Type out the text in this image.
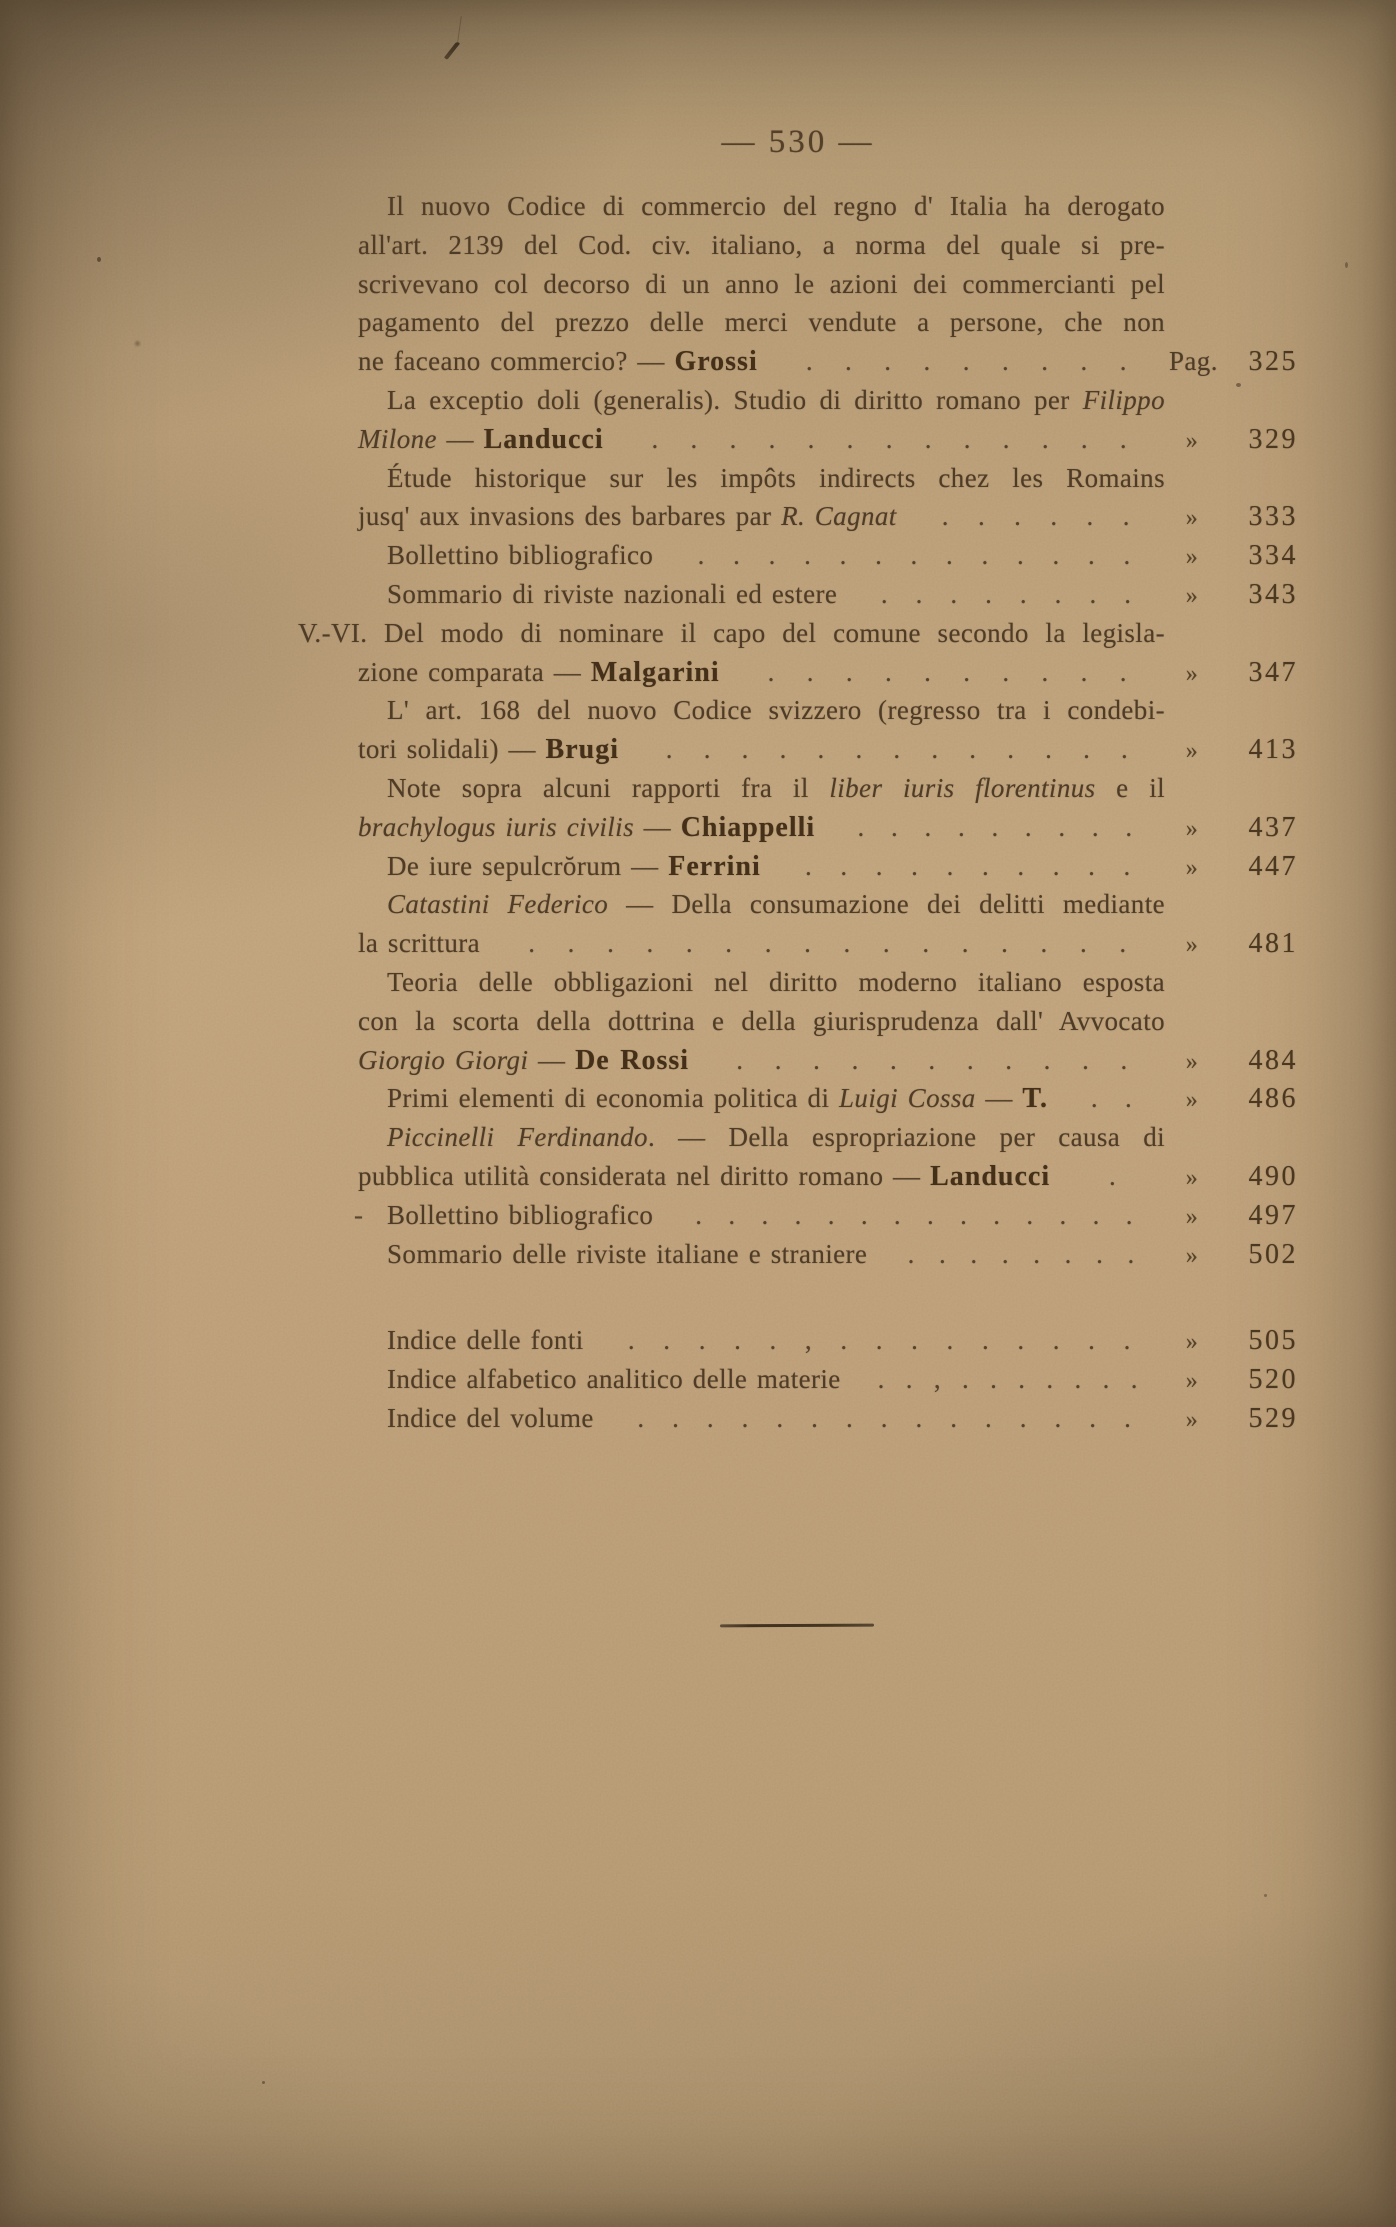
— 530 —
Il nuovo Codice di commercio del regno d' Italia ha derogato
all'art. 2139 del Cod. civ. italiano, a norma del quale si pre-
scrivevano col decorso di un anno le azioni dei commercianti pel
pagamento del prezzo delle merci vendute a persone, che non
ne faceano commercio? — Grossi . . . . . . . . . Pag.	325
La exceptio doli (generalis). Studio di diritto romano per Filippo
Milone — Landucci . . . . . . . . . . . . .	»	329
Étude historique sur les impôts indirects chez les Romains
jusq' aux invasions des barbares par R. Cagnat . . . . . .	»	333
Bollettino bibliografico . . . . . . . . . . . . .	»	334
Sommario di riviste nazionali ed estere . . . . . . . .	»	343
V.-VI. Del modo di nominare il capo del comune secondo la legisla-
zione comparata — Malgarini . . . . . . . . . .	»	347
L' art. 168 del nuovo Codice svizzero (regresso tra i condebi-
tori solidali) — Brugi . . . . . . . . . . . . .	»	413
Note sopra alcuni rapporti fra il liber iuris florentinus e il
brachylogus iuris civilis — Chiappelli . . . . . . . . .	»	437
De iure sepulcrŏrum — Ferrini . . . . . . . . . .	»	447
Catastini Federico — Della consumazione dei delitti mediante
la scrittura . . . . . . . . . . . . . . . .	»	481
Teoria delle obbligazioni nel diritto moderno italiano esposta
con la scorta della dottrina e della giurisprudenza dall' Avvocato
Giorgio Giorgi — De Rossi . . . . . . . . . . .	»	484
Primi elementi di economia politica di Luigi Cossa — T. . .	»	486
Piccinelli Ferdinando. — Della espropriazione per causa di
pubblica utilità considerata nel diritto romano — Landucci .	»	490
- Bollettino bibliografico . . . . . . . . . . . . . .	»	497
Sommario delle riviste italiane e straniere . . . . . . . .	»	502
Indice delle fonti . . . . . , . . . . . . . . .	»	505
Indice alfabetico analitico delle materie . . , . . . . . . .	»	520
Indice del volume . . . . . . . . . . . . . . .	»	529
